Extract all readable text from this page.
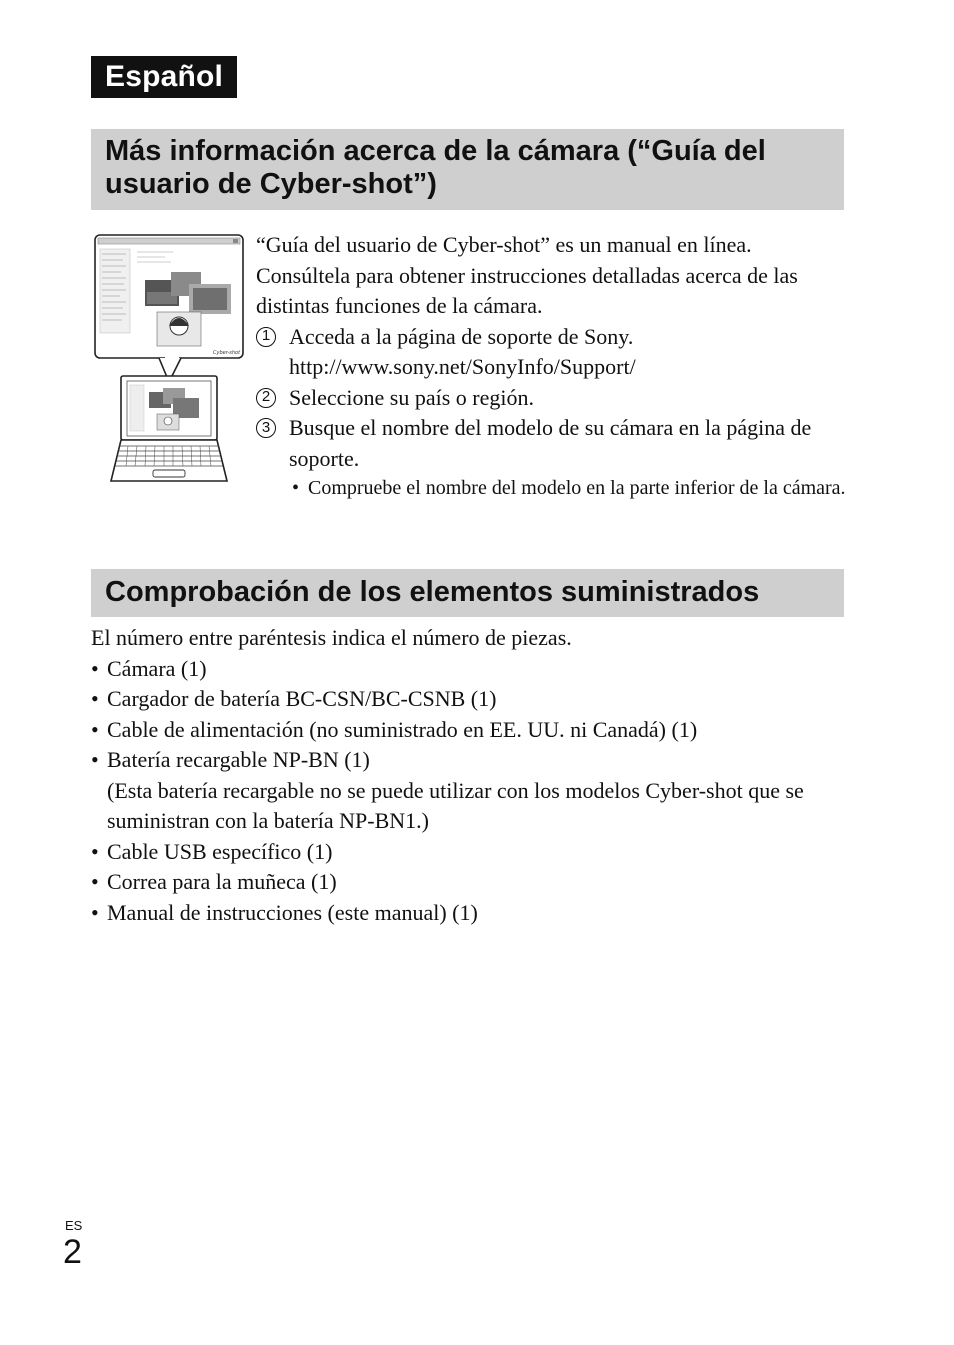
Español
Más información acerca de la cámara (“Guía del usuario de Cyber-shot”)
Cyber-shot

“Guía del usuario de Cyber-shot” es un manual en línea. Consúltela para obtener instrucciones detalladas acerca de las distintas funciones de la cámara.

1 Acceda a la página de soporte de Sony.
http://www.sony.net/SonyInfo/Support/
2 Seleccione su país o región.
3 Busque el nombre del modelo de su cámara en la página de soporte.
• Compruebe el nombre del modelo en la parte inferior de la cámara.
Comprobación de los elementos suministrados

El número entre paréntesis indica el número de piezas.

• Cámara (1)
• Cargador de batería BC-CSN/BC-CSNB (1)
• Cable de alimentación (no suministrado en EE. UU. ni Canadá) (1)
• Batería recargable NP-BN (1)
(Esta batería recargable no se puede utilizar con los modelos Cyber-shot que se suministran con la batería NP-BN1.)
• Cable USB específico (1)
• Correa para la muñeca (1)
• Manual de instrucciones (este manual) (1)
ES
2
